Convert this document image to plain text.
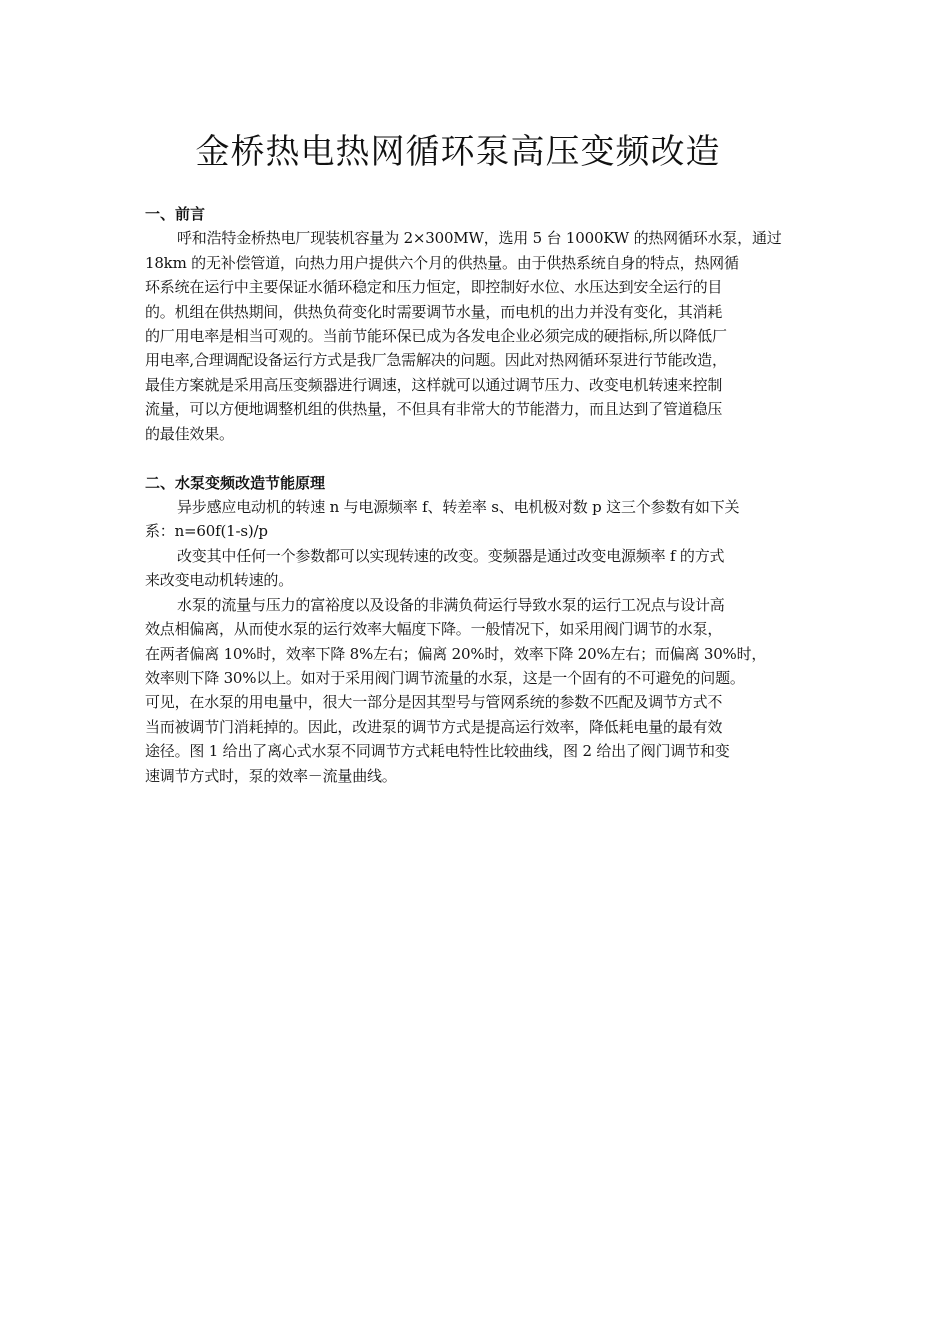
金桥热电热网循环泵高压变频改造
一、前言
呼和浩特金桥热电厂现装机容量为 2×300MW，选用 5 台 1000KW 的热网循环水泵，通过
18km 的无补偿管道，向热力用户提供六个月的供热量。由于供热系统自身的特点，热网循
环系统在运行中主要保证水循环稳定和压力恒定，即控制好水位、水压达到安全运行的目
的。机组在供热期间，供热负荷变化时需要调节水量，而电机的出力并没有变化，其消耗
的厂用电率是相当可观的。当前节能环保已成为各发电企业必须完成的硬指标,所以降低厂
用电率,合理调配设备运行方式是我厂急需解决的问题。因此对热网循环泵进行节能改造，
最佳方案就是采用高压变频器进行调速，这样就可以通过调节压力、改变电机转速来控制
流量，可以方便地调整机组的供热量，不但具有非常大的节能潜力，而且达到了管道稳压
的最佳效果。
二、水泵变频改造节能原理
异步感应电动机的转速 n 与电源频率 f、转差率 s、电机极对数 p 这三个参数有如下关
系：n=60f(1-s)/p
改变其中任何一个参数都可以实现转速的改变。变频器是通过改变电源频率 f 的方式
来改变电动机转速的。
水泵的流量与压力的富裕度以及设备的非满负荷运行导致水泵的运行工况点与设计高
效点相偏离，从而使水泵的运行效率大幅度下降。一般情况下，如采用阀门调节的水泵，
在两者偏离 10%时，效率下降 8%左右；偏离 20%时，效率下降 20%左右；而偏离 30%时，
效率则下降 30%以上。如对于采用阀门调节流量的水泵，这是一个固有的不可避免的问题。
可见，在水泵的用电量中，很大一部分是因其型号与管网系统的参数不匹配及调节方式不
当而被调节门消耗掉的。因此，改进泵的调节方式是提高运行效率，降低耗电量的最有效
途径。图 1 给出了离心式水泵不同调节方式耗电特性比较曲线，图 2 给出了阀门调节和变
速调节方式时，泵的效率－流量曲线。
